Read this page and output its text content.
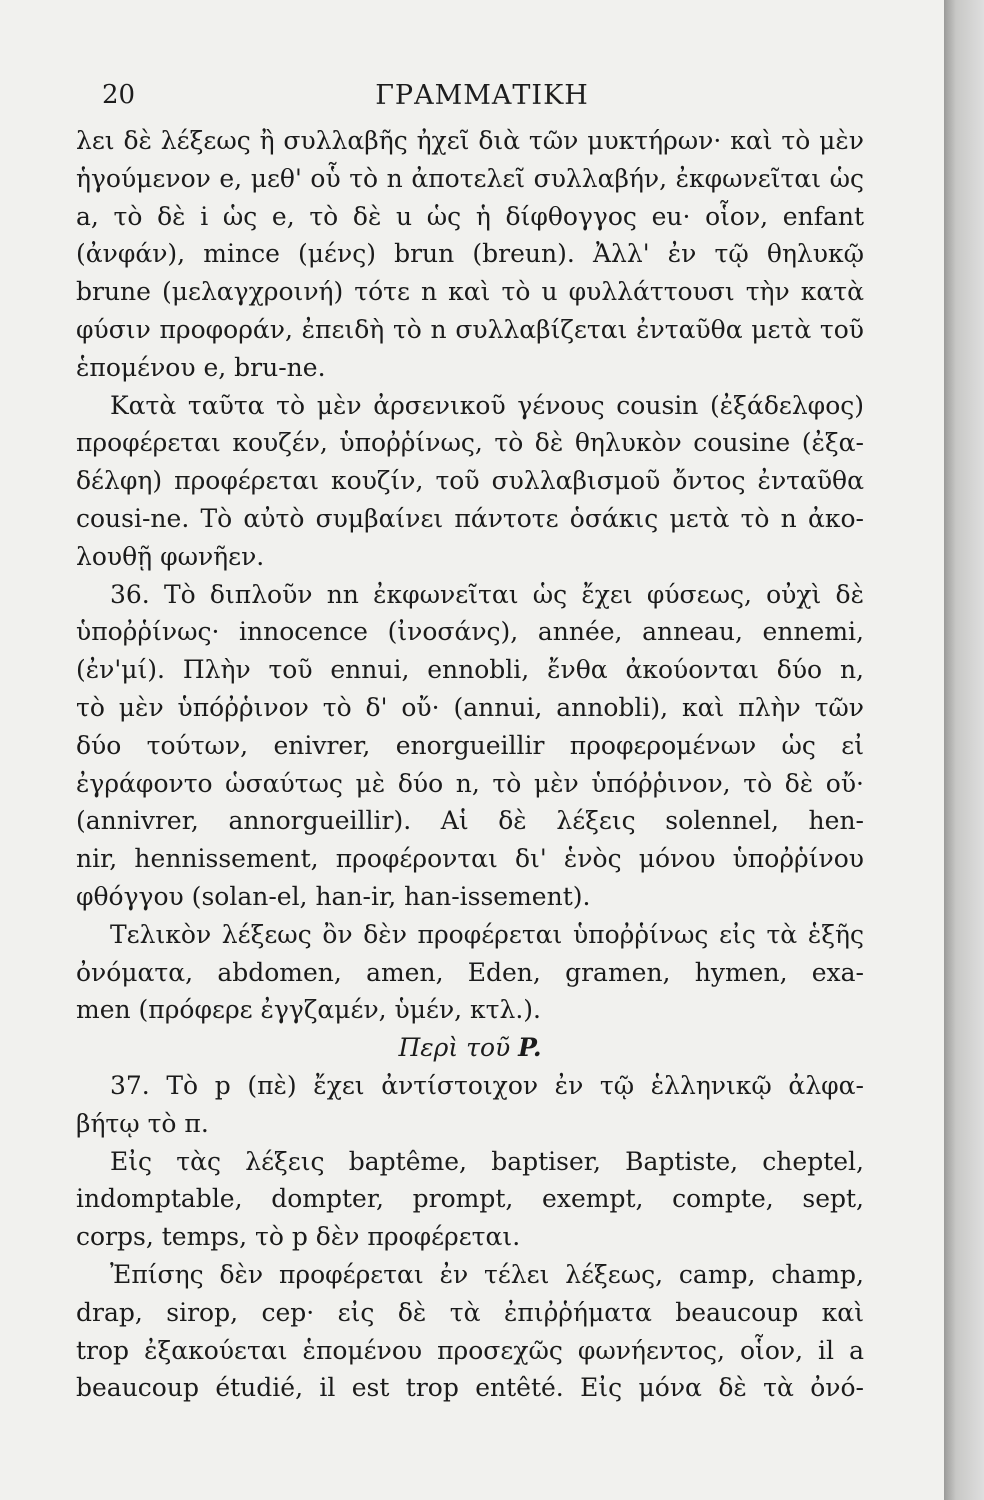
20	ΓΡΑΜΜΑΤΙΚΗ

λει δὲ λέξεως ἢ συλλαβῆς ἠχεῖ διὰ τῶν μυκτήρων· καὶ τὸ μὲν

ἡγούμενον e, μεθ' οὗ τὸ n ἀποτελεῖ συλλαβήν, ἐκφωνεῖται ὡς

a, τὸ δὲ i ὡς e, τὸ δὲ u ὡς ἡ δίφθογγος eu· οἷον, enfant

(ἀνφάν), mince (μένς) brun (breun). Ἀλλ' ἐν τῷ θηλυκῷ

brune (μελαγχροινή) τότε n καὶ τὸ u φυλλάττουσι τὴν κατὰ

φύσιν προφοράν, ἐπειδὴ τὸ n συλλαβίζεται ἐνταῦθα μετὰ τοῦ

ἑπομένου e, bru-ne.

Κατὰ ταῦτα τὸ μὲν ἀρσενικοῦ γένους cousin (ἐξάδελφος)

προφέρεται κουζέν, ὑποῤῥίνως, τὸ δὲ θηλυκὸν cousine (ἐξα-

δέλφη) προφέρεται κουζίν, τοῦ συλλαβισμοῦ ὄντος ἐνταῦθα

cousi-ne. Τὸ αὐτὸ συμβαίνει πάντοτε ὁσάκις μετὰ τὸ n ἀκο-

λουθῇ φωνῆεν.

36. Τὸ διπλοῦν nn ἐκφωνεῖται ὡς ἔχει φύσεως, οὐχὶ δὲ

ὑποῤῥίνως· innocence (ἰνοσάνς), année, anneau, ennemi,

(ἐν'μί). Πλὴν τοῦ ennui, ennobli, ἔνθα ἀκούονται δύο n,

τὸ μὲν ὑπόῤῥινον τὸ δ' οὔ· (annui, annobli), καὶ πλὴν τῶν

δύο τούτων, enivrer, enorgueillir προφερομένων ὡς εἰ

ἐγράφοντο ὡσαύτως μὲ δύο n, τὸ μὲν ὑπόῤῥινον, τὸ δὲ οὔ·

(annivrer, annorgueillir). Αἱ δὲ λέξεις solennel, hen-

nir, hennissement, προφέρονται δι' ἑνὸς μόνου ὑποῤῥίνου

φθόγγου (solan-el, han-ir, han-issement).

Τελικὸν λέξεως ὂν δὲν προφέρεται ὑποῤῥίνως εἰς τὰ ἑξῆς

ὀνόματα, abdomen, amen, Eden, gramen, hymen, exa-

men (πρόφερε ἐγγζαμέν, ὑμέν, κτλ.).

Περὶ τοῦ P.

37. Τὸ p (πὲ) ἔχει ἀντίστοιχον ἐν τῷ ἑλληνικῷ ἀλφα-

βήτῳ τὸ π.

Εἰς τὰς λέξεις baptême, baptiser, Baptiste, cheptel,

indomptable, dompter, prompt, exempt, compte, sept,

corps, temps, τὸ p δὲν προφέρεται.

Ἐπίσης δὲν προφέρεται ἐν τέλει λέξεως, camp, champ,

drap, sirop, cep· εἰς δὲ τὰ ἐπιῤῥήματα beaucoup καὶ

trop ἐξακούεται ἑπομένου προσεχῶς φωνήεντος, οἷον, il a

beaucoup étudié, il est trop entêté. Εἰς μόνα δὲ τὰ ὀνό-
